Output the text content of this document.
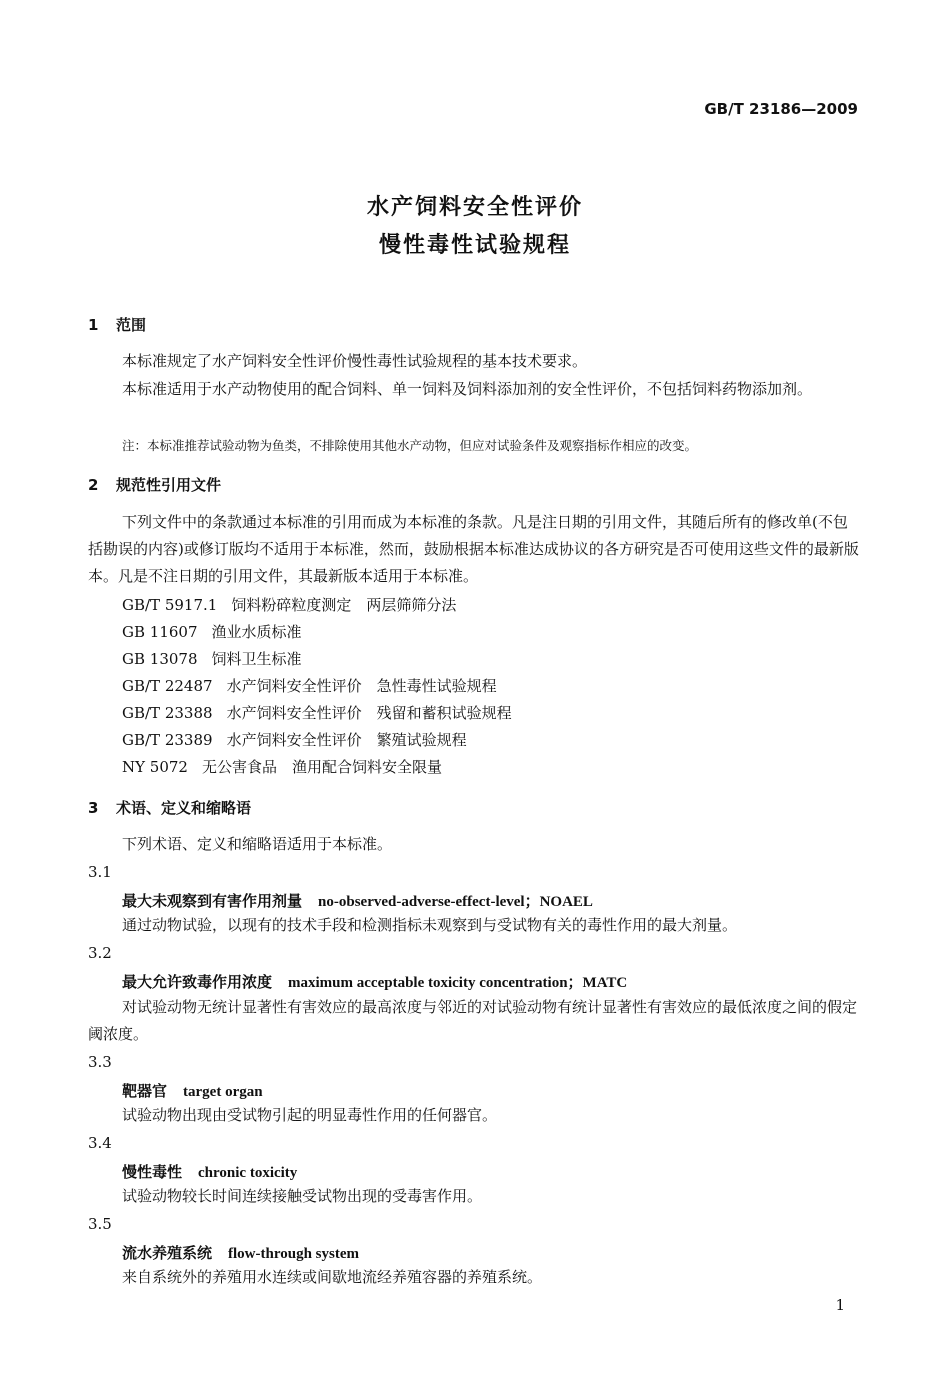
GB/T 23186—2009
水产饲料安全性评价
慢性毒性试验规程
1 范围
本标准规定了水产饲料安全性评价慢性毒性试验规程的基本技术要求。
本标准适用于水产动物使用的配合饲料、单一饲料及饲料添加剂的安全性评价，不包括饲料药物添加剂。
注：本标准推荐试验动物为鱼类，不排除使用其他水产动物，但应对试验条件及观察指标作相应的改变。
2 规范性引用文件
下列文件中的条款通过本标准的引用而成为本标准的条款。凡是注日期的引用文件，其随后所有的修改单(不包括勘误的内容)或修订版均不适用于本标准，然而，鼓励根据本标准达成协议的各方研究是否可使用这些文件的最新版本。凡是不注日期的引用文件，其最新版本适用于本标准。
GB/T 5917.1 饲料粉碎粒度测定　两层筛筛分法
GB 11607 渔业水质标准
GB 13078 饲料卫生标准
GB/T 22487 水产饲料安全性评价　急性毒性试验规程
GB/T 23388 水产饲料安全性评价　残留和蓄积试验规程
GB/T 23389 水产饲料安全性评价　繁殖试验规程
NY 5072 无公害食品　渔用配合饲料安全限量
3 术语、定义和缩略语
下列术语、定义和缩略语适用于本标准。
3.1
最大未观察到有害作用剂量 no-observed-adverse-effect-level；NOAEL
通过动物试验，以现有的技术手段和检测指标未观察到与受试物有关的毒性作用的最大剂量。
3.2
最大允许致毒作用浓度 maximum acceptable toxicity concentration；MATC
对试验动物无统计显著性有害效应的最高浓度与邻近的对试验动物有统计显著性有害效应的最低浓度之间的假定阈浓度。
3.3
靶器官 target organ
试验动物出现由受试物引起的明显毒性作用的任何器官。
3.4
慢性毒性 chronic toxicity
试验动物较长时间连续接触受试物出现的受毒害作用。
3.5
流水养殖系统 flow-through system
来自系统外的养殖用水连续或间歇地流经养殖容器的养殖系统。
1
